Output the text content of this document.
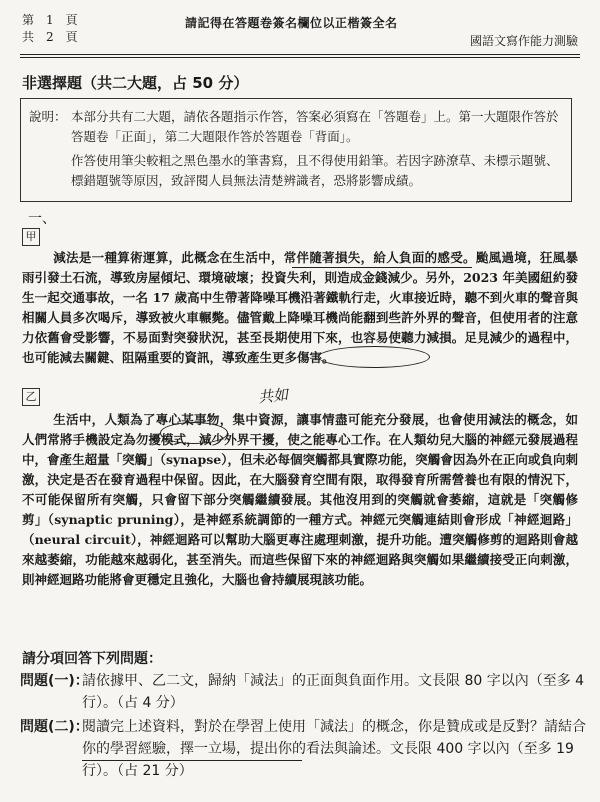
第　1　頁
共　2　頁
請記得在答題卷簽名欄位以正楷簽全名
國語文寫作能力測驗
非選擇題（共二大題，占 50 分）
說明： 本部分共有二大題，請依各題指示作答，答案必須寫在「答題卷」上。第一大題限作答於答題卷「正面」，第二大題限作答於答題卷「背面」。

作答使用筆尖較粗之黑色墨水的筆書寫，且不得使用鉛筆。若因字跡潦草、未標示題號、標錯題號等原因，致評閱人員無法清楚辨識者，恐將影響成績。

一、
甲

減法是一種算術運算，此概念在生活中，常伴隨著損失，給人負面的感受。颱風過境，狂風暴雨引發土石流，導致房屋傾圮、環境破壞；投資失利，則造成金錢減少。另外，2023 年美國紐約發生一起交通事故，一名 17 歲高中生帶著降噪耳機沿著鐵軌行走，火車接近時，聽不到火車的聲音與相關人員多次喝斥，導致被火車輾斃。儘管戴上降噪耳機尚能翻到些許外界的聲音，但使用者的注意力依舊會受影響，不易面對突發狀況，甚至長期使用下來，也容易使聽力減損。足見減少的過程中，也可能減去關鍵、阻隔重要的資訊，導致產生更多傷害。

乙	共如

生活中，人類為了專心某事物，集中資源，讓事情盡可能充分發展，也會使用減法的概念，如人們常將手機設定為勿擾模式，減少外界干擾，使之能專心工作。在人類幼兒大腦的神經元發展過程中，會產生超量「突觸」（synapse），但未必每個突觸都具實際功能，突觸會因為外在正向或負向刺激，決定是否在發育過程中保留。因此，在大腦發育空間有限，取得發育所需營養也有限的情況下，不可能保留所有突觸，只會留下部分突觸繼續發展。其他沒用到的突觸就會萎縮，這就是「突觸修剪」（synaptic pruning），是神經系統調節的一種方式。神經元突觸連結則會形成「神經迴路」（neural circuit），神經迴路可以幫助大腦更專注處理刺激，提升功能。遭突觸修剪的迴路則會越來越萎縮，功能越來越弱化，甚至消失。而這些保留下來的神經迴路與突觸如果繼續接受正向刺激，則神經迴路功能將會更穩定且強化，大腦也會持續展現該功能。

請分項回答下列問題：
問題(一)：

請依據甲、乙二文，歸納「減法」的正面與負面作用。文長限 80 字以內（至多 4 行）。（占 4 分）

問題(二)：

閱讀完上述資料，對於在學習上使用「減法」的概念，你是贊成或是反對？請結合你的學習經驗，擇一立場，提出你的看法與論述。文長限 400 字以內（至多 19 行）。（占 21 分）
